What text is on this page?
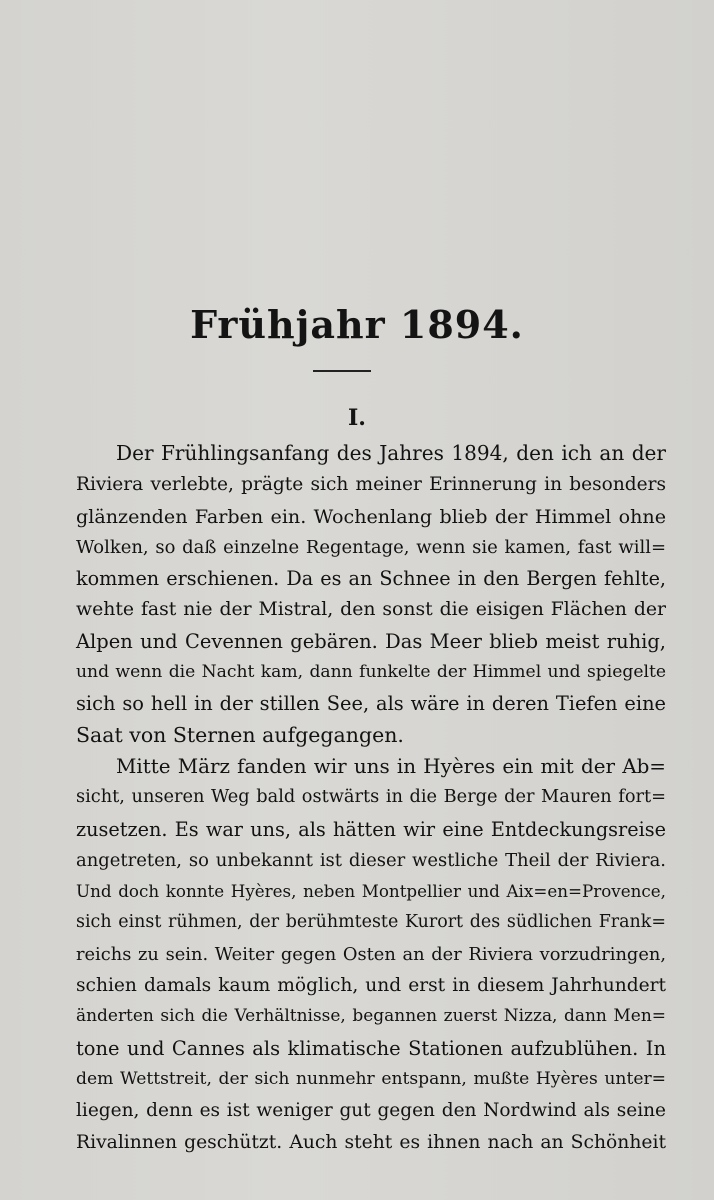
Frühjahr 1894.
I.
Der Frühlingsanfang des Jahres 1894, den ich an der
Riviera verlebte, prägte sich meiner Erinnerung in besonders
glänzenden Farben ein. Wochenlang blieb der Himmel ohne
Wolken, so daß einzelne Regentage, wenn sie kamen, fast will=
kommen erschienen. Da es an Schnee in den Bergen fehlte,
wehte fast nie der Mistral, den sonst die eisigen Flächen der
Alpen und Cevennen gebären. Das Meer blieb meist ruhig,
und wenn die Nacht kam, dann funkelte der Himmel und spiegelte
sich so hell in der stillen See, als wäre in deren Tiefen eine
Saat von Sternen aufgegangen.
Mitte März fanden wir uns in Hyères ein mit der Ab=
sicht, unseren Weg bald ostwärts in die Berge der Mauren fort=
zusetzen. Es war uns, als hätten wir eine Entdeckungsreise
angetreten, so unbekannt ist dieser westliche Theil der Riviera.
Und doch konnte Hyères, neben Montpellier und Aix=en=Provence,
sich einst rühmen, der berühmteste Kurort des südlichen Frank=
reichs zu sein. Weiter gegen Osten an der Riviera vorzudringen,
schien damals kaum möglich, und erst in diesem Jahrhundert
änderten sich die Verhältnisse, begannen zuerst Nizza, dann Men=
tone und Cannes als klimatische Stationen aufzublühen. In
dem Wettstreit, der sich nunmehr entspann, mußte Hyères unter=
liegen, denn es ist weniger gut gegen den Nordwind als seine
Rivalinnen geschützt. Auch steht es ihnen nach an Schönheit
